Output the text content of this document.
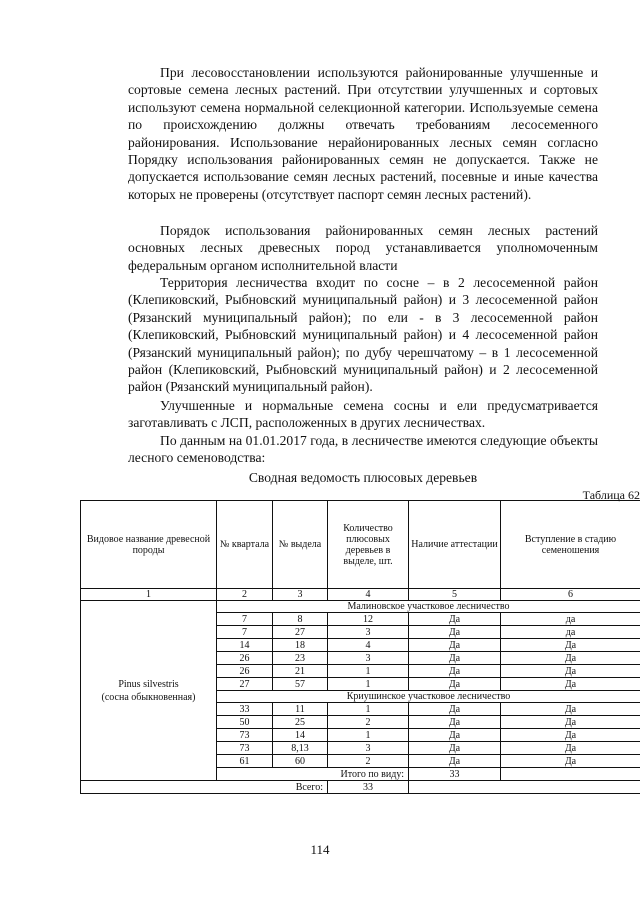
При лесовосстановлении используются районированные улучшенные и сортовые семена лесных растений. При отсутствии улучшенных и сортовых используют семена нормальной селекционной категории. Используемые семена по происхождению должны отвечать требованиям лесосеменного районирования. Использование нерайонированных лесных семян согласно Порядку использования районированных семян не допускается. Также не допускается использование семян лесных растений, посевные и иные качества которых не проверены (отсутствует паспорт семян лесных растений).

Порядок использования районированных семян лесных растений основных лесных древесных пород устанавливается уполномоченным федеральным органом исполнительной власти

Территория лесничества входит по сосне – в 2 лесосеменной район (Клепиковский, Рыбновский муниципальный район) и 3 лесосеменной район (Рязанский муниципальный район); по ели - в 3 лесосеменной район (Клепиковский, Рыбновский муниципальный район) и 4 лесосеменной район (Рязанский муниципальный район); по дубу черешчатому – в 1 лесосеменной район (Клепиковский, Рыбновский муниципальный район) и 2 лесосеменной район (Рязанский муниципальный район).

Улучшенные и нормальные семена сосны и ели предусматривается заготавливать с ЛСП, расположенных в других лесничествах.

По данным на 01.01.2017 года, в лесничестве имеются следующие объекты лесного семеноводства:

Сводная ведомость плюсовых деревьев

Таблица 62
Видовое название древесной породы	№ квартала	№ выдела	Количество плюсовых деревьев в выделе, шт.	Наличие аттестации	Вступление в стадию семеношения
1	2	3	4	5	6
Pinus silvestris
(сосна обыкновенная)	Малиновское участковое лесничество				
	7	8	12	Да	да
	7	27	3	Да	да
	14	18	4	Да	Да
	26	23	3	Да	Да
	26	21	1	Да	Да
	27	57	1	Да	Да
	Криушинское участковое лесничество				
	33	11	1	Да	Да
	50	25	2	Да	Да
	73	14	1	Да	Да
	73	8,13	3	Да	Да
	61	60	2	Да	Да
	Итого по виду:			33	
Всего:			33		
114
